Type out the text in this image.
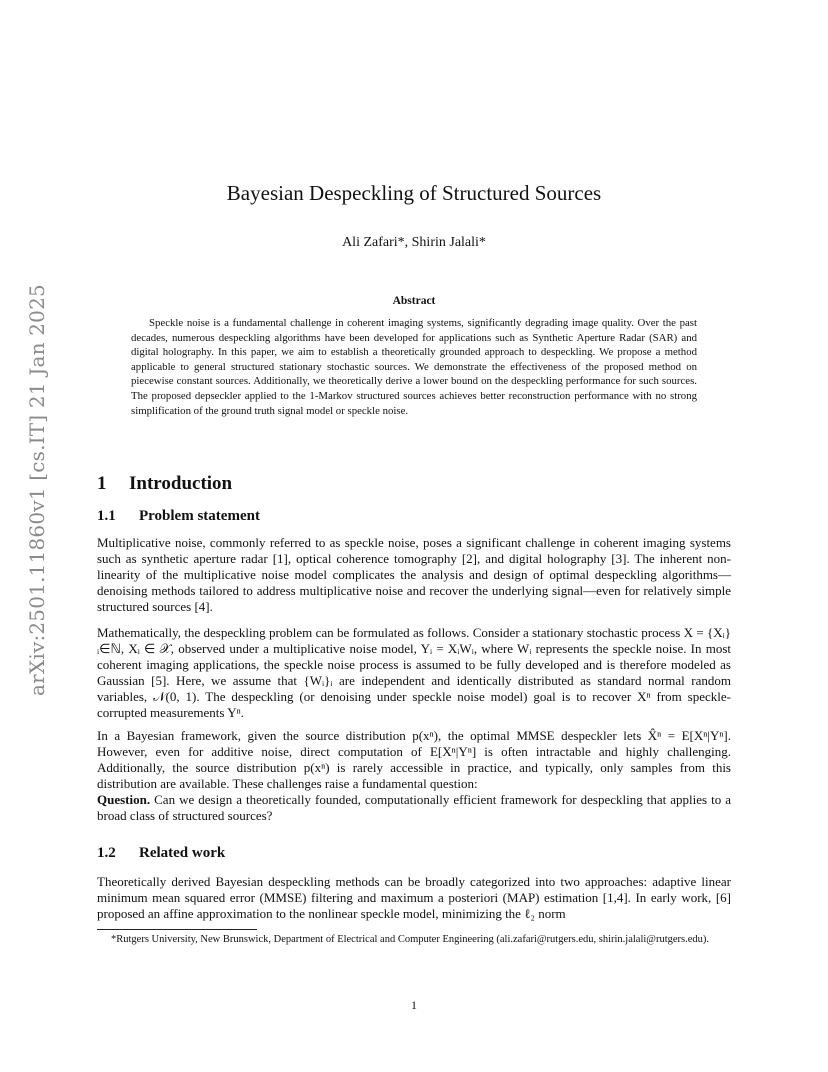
arXiv:2501.11860v1 [cs.IT] 21 Jan 2025
Bayesian Despeckling of Structured Sources
Ali Zafari*, Shirin Jalali*
Abstract
Speckle noise is a fundamental challenge in coherent imaging systems, significantly degrading image quality. Over the past decades, numerous despeckling algorithms have been developed for applications such as Synthetic Aperture Radar (SAR) and digital holography. In this paper, we aim to establish a theoretically grounded approach to despeckling. We propose a method applicable to general structured stationary stochastic sources. We demonstrate the effectiveness of the proposed method on piecewise constant sources. Additionally, we theoretically derive a lower bound on the despeckling performance for such sources. The proposed depseckler applied to the 1-Markov structured sources achieves better reconstruction performance with no strong simplification of the ground truth signal model or speckle noise.
1 Introduction
1.1 Problem statement
Multiplicative noise, commonly referred to as speckle noise, poses a significant challenge in coherent imaging systems such as synthetic aperture radar [1], optical coherence tomography [2], and digital holography [3]. The inherent non-linearity of the multiplicative noise model complicates the analysis and design of optimal despeckling algorithms—denoising methods tailored to address multiplicative noise and recover the underlying signal—even for relatively simple structured sources [4].
Mathematically, the despeckling problem can be formulated as follows. Consider a stationary stochastic process X = {Xᵢ}ᵢ∈ℕ, Xᵢ ∈ 𝒳, observed under a multiplicative noise model, Yᵢ = XᵢWᵢ, where Wᵢ represents the speckle noise. In most coherent imaging applications, the speckle noise process is assumed to be fully developed and is therefore modeled as Gaussian [5]. Here, we assume that {Wᵢ}ᵢ are independent and identically distributed as standard normal random variables, 𝒩(0, 1). The despeckling (or denoising under speckle noise model) goal is to recover Xⁿ from speckle-corrupted measurements Yⁿ.
In a Bayesian framework, given the source distribution p(xⁿ), the optimal MMSE despeckler lets X̂ⁿ = E[Xⁿ|Yⁿ]. However, even for additive noise, direct computation of E[Xⁿ|Yⁿ] is often intractable and highly challenging. Additionally, the source distribution p(xⁿ) is rarely accessible in practice, and typically, only samples from this distribution are available. These challenges raise a fundamental question:
Question. Can we design a theoretically founded, computationally efficient framework for despeckling that applies to a broad class of structured sources?
1.2 Related work
Theoretically derived Bayesian despeckling methods can be broadly categorized into two approaches: adaptive linear minimum mean squared error (MMSE) filtering and maximum a posteriori (MAP) estimation [1,4]. In early work, [6] proposed an affine approximation to the nonlinear speckle model, minimizing the ℓ₂ norm
*Rutgers University, New Brunswick, Department of Electrical and Computer Engineering (ali.zafari@rutgers.edu, shirin.jalali@rutgers.edu).
1
